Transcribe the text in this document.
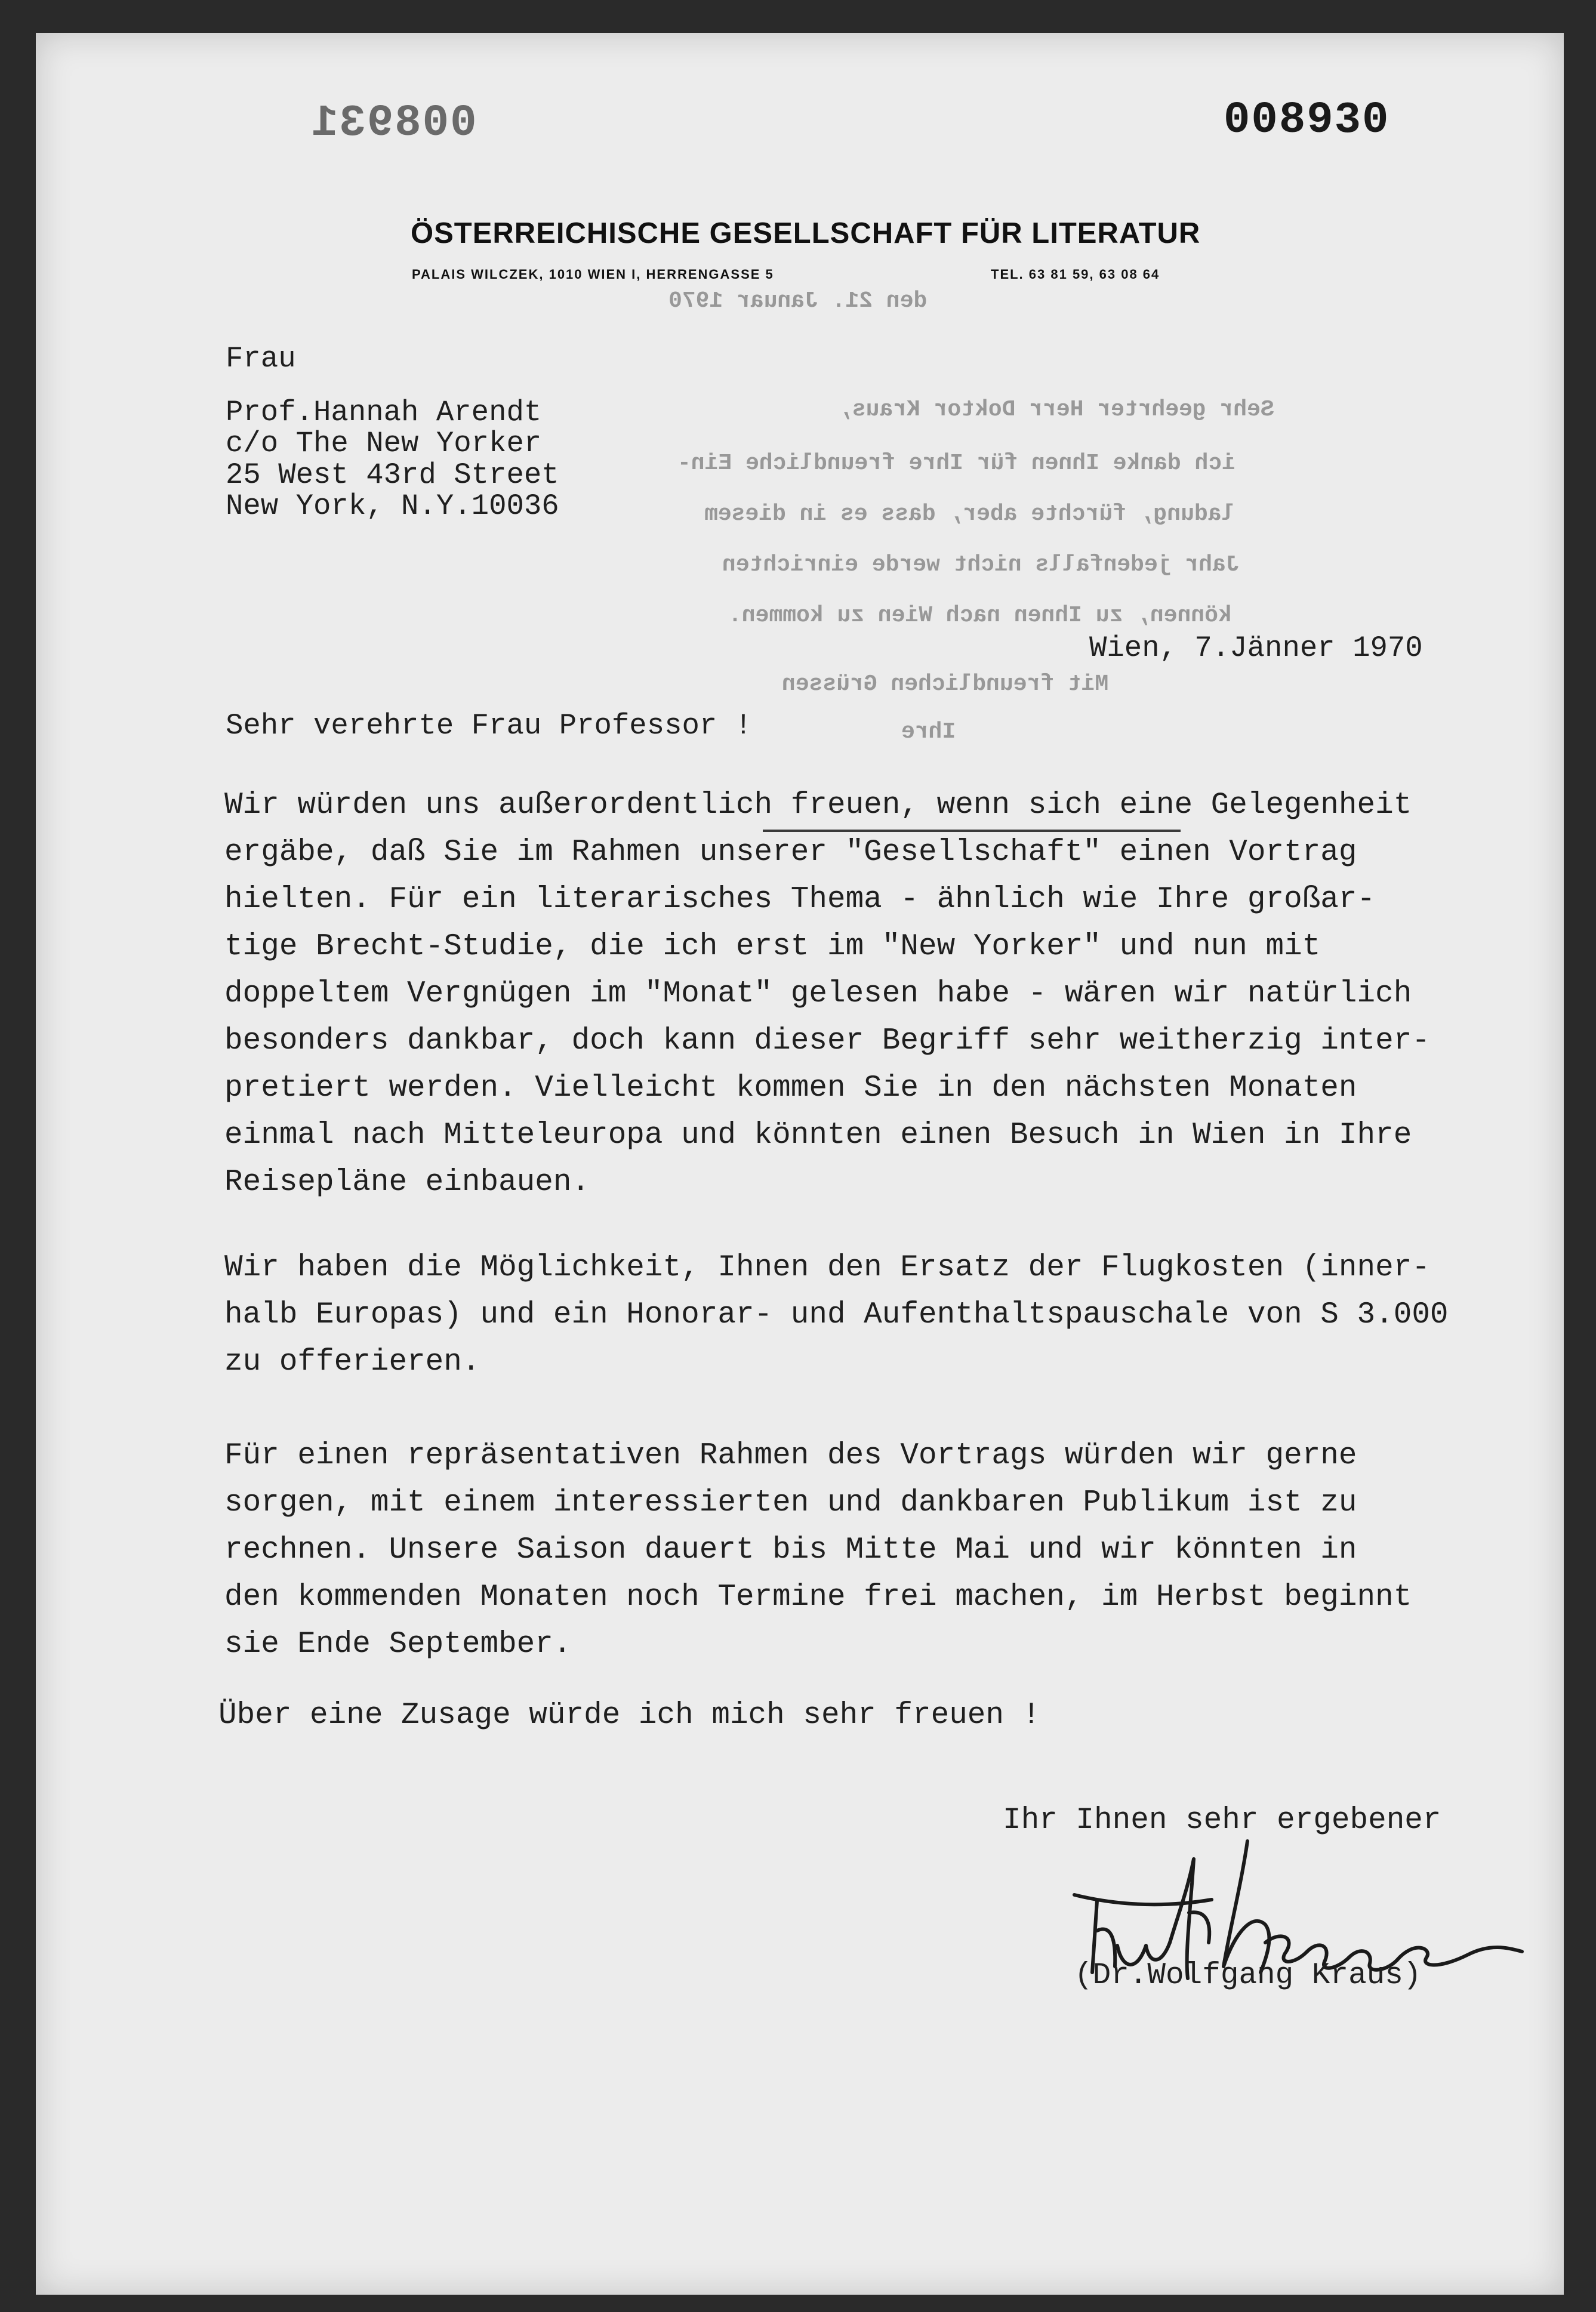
008931	008930
ÖSTERREICHISCHE GESELLSCHAFT FÜR LITERATUR
PALAIS WILCZEK, 1010 WIEN I, HERRENGASSE 5	TEL. 63 81 59, 63 08 64
den 21. Januar 1970
Sehr geehrter Herr Doktor Kraus,
ich danke Ihnen für Ihre freundliche Ein-
ladung, fürchte aber, dass es in diesem
Jahr jedenfalls nicht werde einrichten
können, zu Ihnen nach Wien zu kommen.
Mit freundlichen Grüssen
Ihre
Frau
Prof.Hannah Arendt
c/o The New Yorker
25 West 43rd Street
New York, N.Y.10036
Wien, 7.Jänner 1970
Sehr verehrte Frau Professor !
Wir würden uns außerordentlich freuen, wenn sich eine Gelegenheit
ergäbe, daß Sie im Rahmen unserer "Gesellschaft" einen Vortrag
hielten. Für ein literarisches Thema - ähnlich wie Ihre großar-
tige Brecht-Studie, die ich erst im "New Yorker" und nun mit
doppeltem Vergnügen im "Monat" gelesen habe - wären wir natürlich
besonders dankbar, doch kann dieser Begriff sehr weitherzig inter-
pretiert werden. Vielleicht kommen Sie in den nächsten Monaten
einmal nach Mitteleuropa und könnten einen Besuch in Wien in Ihre
Reisepläne einbauen.
Wir haben die Möglichkeit, Ihnen den Ersatz der Flugkosten (inner-
halb Europas) und ein Honorar- und Aufenthaltspauschale von S 3.000
zu offerieren.
Für einen repräsentativen Rahmen des Vortrags würden wir gerne
sorgen, mit einem interessierten und dankbaren Publikum ist zu
rechnen. Unsere Saison dauert bis Mitte Mai und wir könnten in
den kommenden Monaten noch Termine frei machen, im Herbst beginnt
sie Ende September.
Über eine Zusage würde ich mich sehr freuen !
Ihr Ihnen sehr ergebener
(Dr.Wolfgang Kraus)
